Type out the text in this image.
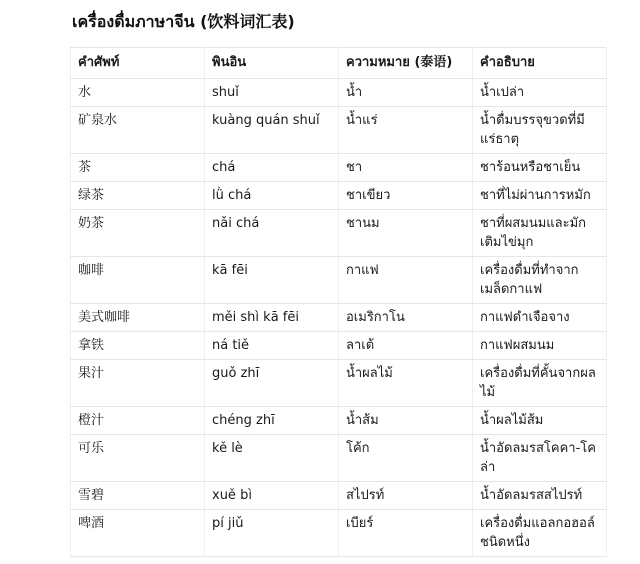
เครื่องดื่มภาษาจีน (饮料词汇表)
คำศัพท์	พินอิน	ความหมาย (泰语)	คำอธิบาย
水	shuǐ	น้ำ	น้ำเปล่า
矿泉水	kuàng quán shuǐ	น้ำแร่	น้ำดื่มบรรจุขวดที่มีแร่ธาตุ
茶	chá	ชา	ชาร้อนหรือชาเย็น
绿茶	lǜ chá	ชาเขียว	ชาที่ไม่ผ่านการหมัก
奶茶	nǎi chá	ชานม	ชาที่ผสมนมและมักเติมไข่มุก
咖啡	kā fēi	กาแฟ	เครื่องดื่มที่ทำจากเมล็ดกาแฟ
美式咖啡	měi shì kā fēi	อเมริกาโน	กาแฟดำเจือจาง
拿铁	ná tiě	ลาเต้	กาแฟผสมนม
果汁	guǒ zhī	น้ำผลไม้	เครื่องดื่มที่คั้นจากผลไม้
橙汁	chéng zhī	น้ำส้ม	น้ำผลไม้ส้ม
可乐	kě lè	โค้ก	น้ำอัดลมรสโคคา-โคล่า
雪碧	xuě bì	สไปรท์	น้ำอัดลมรสสไปรท์
啤酒	pí jiǔ	เบียร์	เครื่องดื่มแอลกอฮอล์ชนิดหนึ่ง
